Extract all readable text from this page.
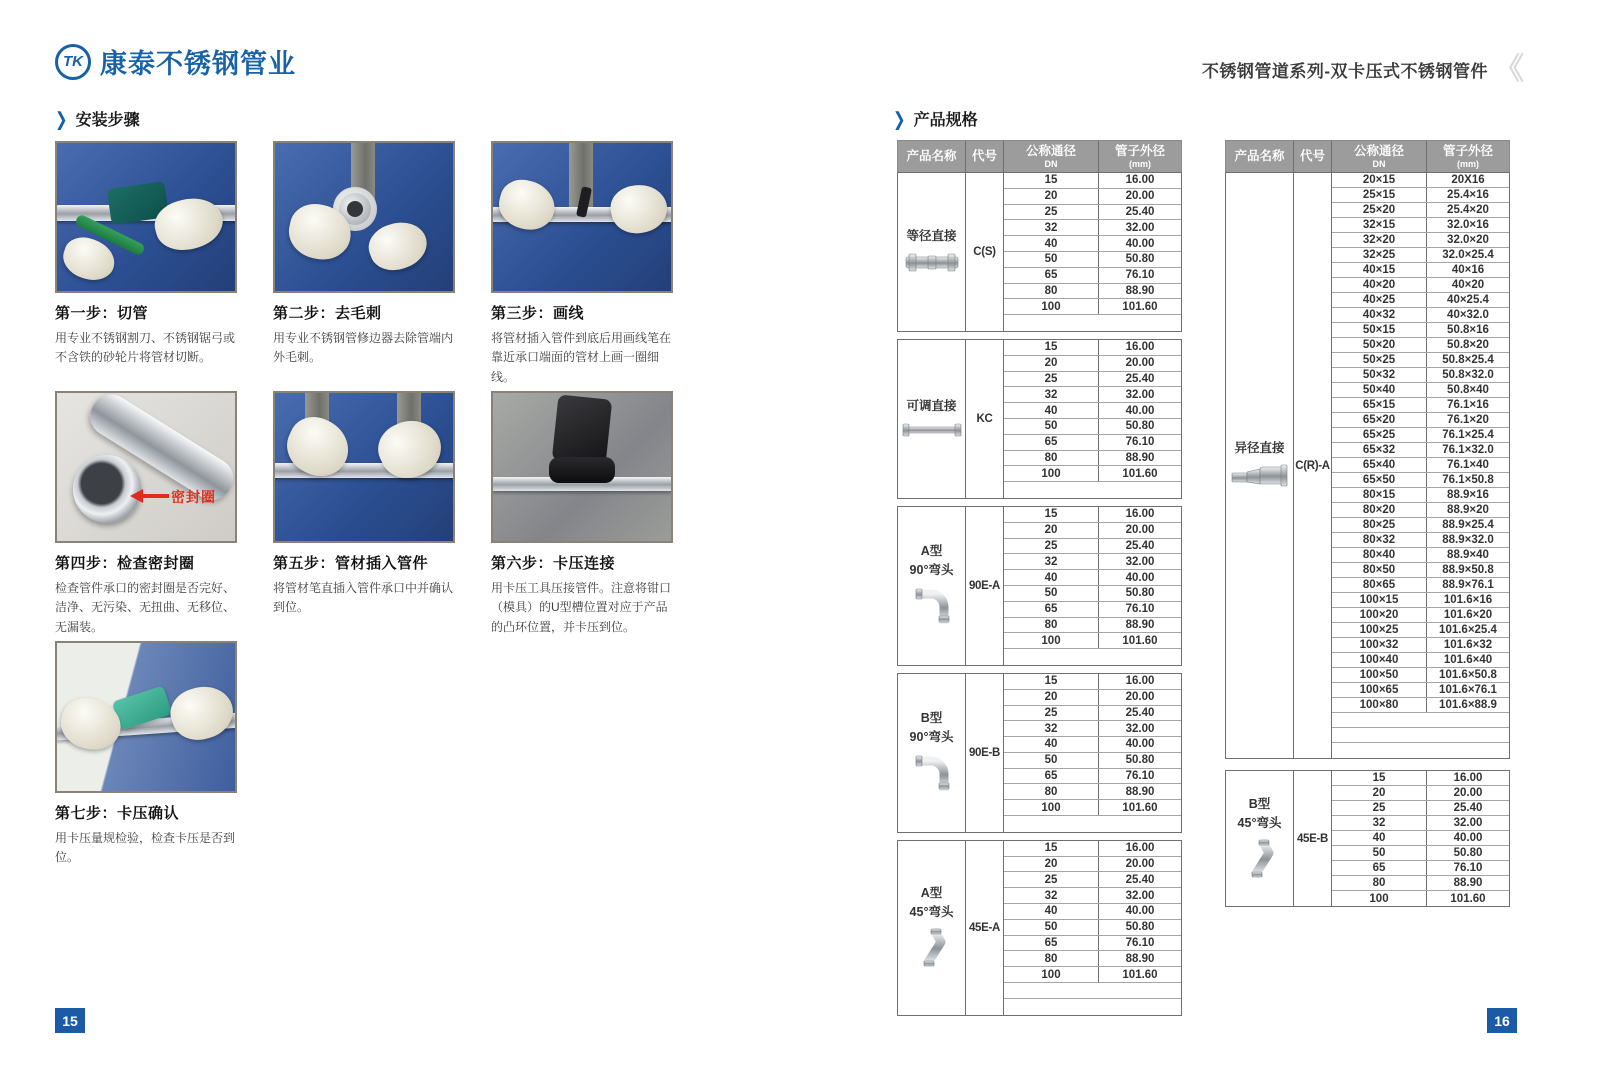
TK 康泰不锈钢管业	不锈钢管道系列-双卡压式不锈钢管件 《
❯ 安装步骤
第一步：切管
用专业不锈钢割刀、不锈钢锯弓或不含铁的砂轮片将管材切断。
第二步：去毛刺
用专业不锈钢管修边器去除管端内外毛刺。
第三步：画线
将管材插入管件到底后用画线笔在靠近承口端面的管材上画一圈细线。
密封圈
第四步：检查密封圈
检查管件承口的密封圈是否完好、洁净、无污染、无扭曲、无移位、无漏装。
第五步：管材插入管件
将管材笔直插入管件承口中并确认到位。
第六步：卡压连接
用卡压工具压接管件。注意将钳口（模具）的U型槽位置对应于产品的凸环位置，并卡压到位。
第七步：卡压确认
用卡压量规检验，检查卡压是否到位。
15
❯ 产品规格
产品名称 代号 公称通径
DN
管子外径
(mm)
等径直接
C(S)
15	16.00
20	20.00
25	25.40
32	32.00
40	40.00
50	50.80
65	76.10
80	88.90
100	101.60
可调直接
KC
15	16.00
20	20.00
25	25.40
32	32.00
40	40.00
50	50.80
65	76.10
80	88.90
100	101.60
A型
90°弯头
90E-A
15	16.00
20	20.00
25	25.40
32	32.00
40	40.00
50	50.80
65	76.10
80	88.90
100	101.60
B型
90°弯头
90E-B
15	16.00
20	20.00
25	25.40
32	32.00
40	40.00
50	50.80
65	76.10
80	88.90
100	101.60
A型
45°弯头
45E-A
15	16.00
20	20.00
25	25.40
32	32.00
40	40.00
50	50.80
65	76.10
80	88.90
100	101.60
产品名称 代号 公称通径
DN
管子外径
(mm)
异径直接
C(R)-A
20×15	20X16
25×15	25.4×16
25×20	25.4×20
32×15	32.0×16
32×20	32.0×20
32×25	32.0×25.4
40×15	40×16
40×20	40×20
40×25	40×25.4
40×32	40×32.0
50×15	50.8×16
50×20	50.8×20
50×25	50.8×25.4
50×32	50.8×32.0
50×40	50.8×40
65×15	76.1×16
65×20	76.1×20
65×25	76.1×25.4
65×32	76.1×32.0
65×40	76.1×40
65×50	76.1×50.8
80×15	88.9×16
80×20	88.9×20
80×25	88.9×25.4
80×32	88.9×32.0
80×40	88.9×40
80×50	88.9×50.8
80×65	88.9×76.1
100×15	101.6×16
100×20	101.6×20
100×25	101.6×25.4
100×32	101.6×32
100×40	101.6×40
100×50	101.6×50.8
100×65	101.6×76.1
100×80	101.6×88.9
B型
45°弯头
45E-B
15	16.00
20	20.00
25	25.40
32	32.00
40	40.00
50	50.80
65	76.10
80	88.90
100	101.60
16
